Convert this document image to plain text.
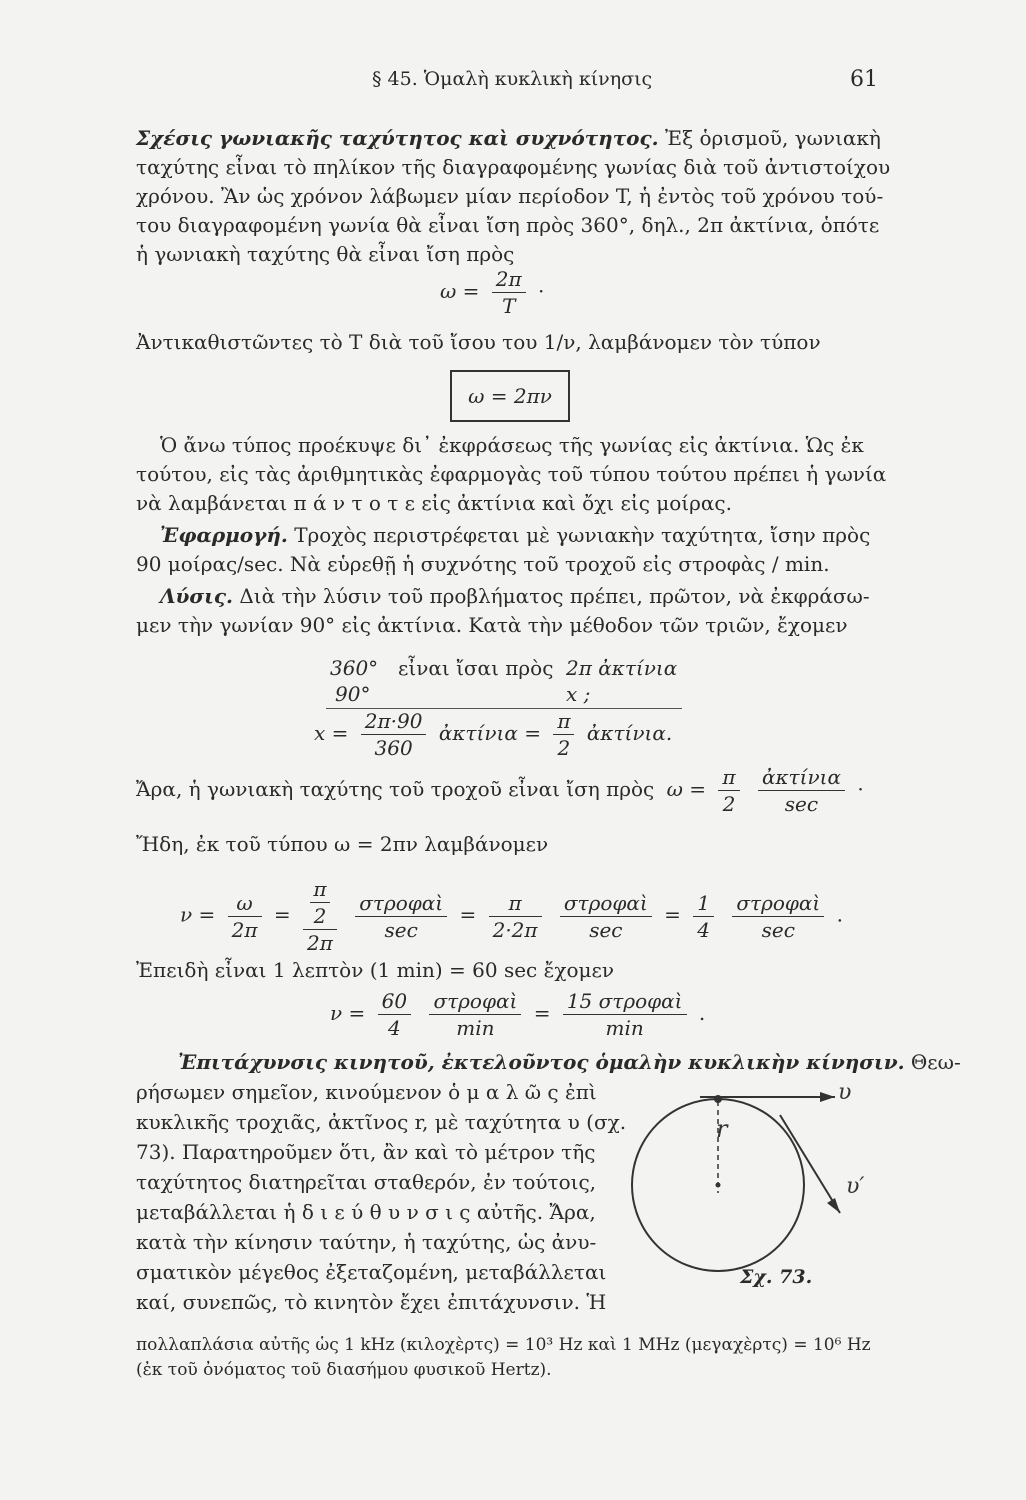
§ 45. Ὁμαλὴ κυκλικὴ κίνησις	61
Σχέσις γωνιακῆς ταχύτητος καὶ συχνότητος. Ἐξ ὁρισμοῦ, γωνιακὴ
ταχύτης εἶναι τὸ πηλίκον τῆς διαγραφομένης γωνίας διὰ τοῦ ἀντιστοίχου
χρόνου. Ἂν ὡς χρόνον λάβωμεν μίαν περίοδον T, ἡ ἐντὸς τοῦ χρόνου τού-
του διαγραφομένη γωνία θὰ εἶναι ἴση πρὸς 360°, δηλ., 2π ἀκτίνια, ὁπότε
ἡ γωνιακὴ ταχύτης θὰ εἶναι ἴση πρὸς
$\omega = \frac{2\pi}{T}$ ·
Ἀντικαθιστῶντες τὸ T διὰ τοῦ ἴσου του 1/ν, λαμβάνομεν τὸν τύπον
ω = 2πν
Ὁ ἄνω τύπος προέκυψε δι᾽ ἐκφράσεως τῆς γωνίας εἰς ἀκτίνια. Ὡς ἐκ
τούτου, εἰς τὰς ἀριθμητικὰς ἐφαρμογὰς τοῦ τύπου τούτου πρέπει ἡ γωνία
νὰ λαμβάνεται π ά ν τ ο τ ε εἰς ἀκτίνια καὶ ὄχι εἰς μοίρας.
Ἐφαρμογή. Τροχὸς περιστρέφεται μὲ γωνιακὴν ταχύτητα, ἴσην πρὸς
90 μοίρας/sec. Νὰ εὑρεθῇ ἡ συχνότης τοῦ τροχοῦ εἰς στροφὰς / min.
Λύσις. Διὰ τὴν λύσιν τοῦ προβλήματος πρέπει, πρῶτον, νὰ ἐκφράσω-
μεν τὴν γωνίαν 90° εἰς ἀκτίνια. Κατὰ τὴν μέθοδον τῶν τριῶν, ἔχομεν
360° εἶναι ἴσαι πρὸς 2π ἀκτίνια
90°	x ;
$x = \frac{2\pi\cdot 90}{360}$ ἀκτίνια = $\frac{\pi}{2}$ ἀκτίνια.
Ἄρα, ἡ γωνιακὴ ταχύτης τοῦ τροχοῦ εἶναι ἴση πρὸς $\omega = \frac{\pi}{2}$
$\frac{\text{ἀκτίνια}}{\sec}$ ·
Ἤδη, ἐκ τοῦ τύπου ω = 2πν λαμβάνομεν
$\nu = \frac{\omega}{2\pi} = \pi$
2
2π
$\frac{\text{στροφαὶ}}{\sec} = \frac{\pi}{2\cdot 2\pi}$
$\frac{\text{στροφαὶ}}{\sec} = \frac{1}{4}$
$\frac{\text{στροφαὶ}}{\sec}$ .
Ἐπειδὴ εἶναι 1 λεπτὸν (1 min) = 60 sec ἔχομεν
$\nu = \frac{60}{4}$
$\frac{\text{στροφαὶ}}{\min} = \frac{\text{15 στροφαὶ}}{\min}$ .
Ἐπιτάχυνσις κινητοῦ, ἐκτελοῦντος ὁμαλὴν κυκλικὴν κίνησιν. Θεω-
ρήσωμεν σημεῖον, κινούμενον ὁ μ α λ ῶ ς ἐπὶ
κυκλικῆς τροχιᾶς, ἀκτῖνος r, μὲ ταχύτητα υ (σχ.
73). Παρατηροῦμεν ὅτι, ἂν καὶ τὸ μέτρον τῆς
ταχύτητος διατηρεῖται σταθερόν, ἐν τούτοις,
μεταβάλλεται ἡ δ ι ε ύ θ υ ν σ ι ς αὐτῆς. Ἄρα,
κατὰ τὴν κίνησιν ταύτην, ἡ ταχύτης, ὡς ἀνυ-
σματικὸν μέγεθος ἐξεταζομένη, μεταβάλλεται
καί, συνεπῶς, τὸ κινητὸν ἔχει ἐπιτάχυνσιν. Ἡ
r
υ
υ′
Σχ. 73.
πολλαπλάσια αὐτῆς ὡς 1 kHz (κιλοχὲρτς) = 10³ Hz καὶ 1 MHz (μεγαχὲρτς) = 10⁶ Hz
(ἐκ τοῦ ὀνόματος τοῦ διασήμου φυσικοῦ Hertz).
